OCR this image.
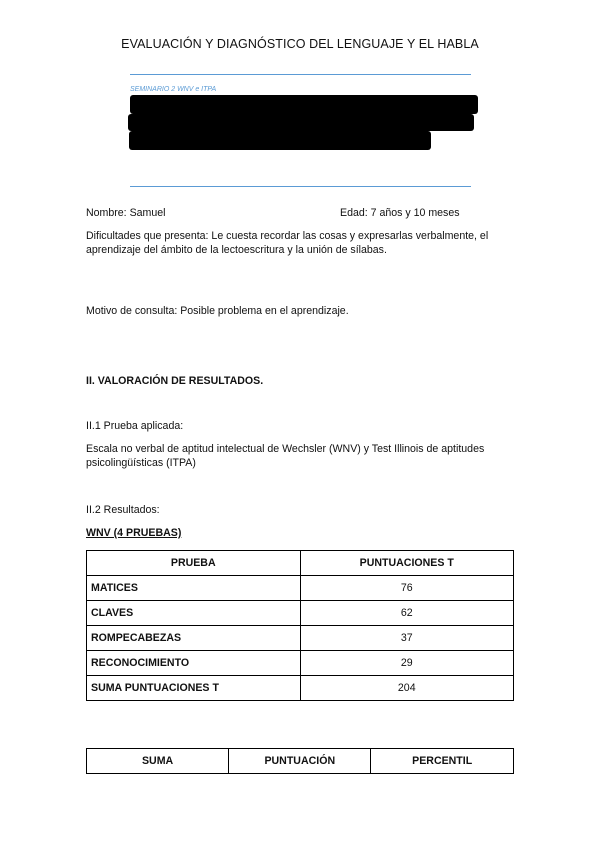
EVALUACIÓN Y DIAGNÓSTICO DEL LENGUAJE Y EL HABLA
SEMINARIO 2 WNV e ITPA
Nombre: Samuel	Edad: 7 años y 10 meses
Dificultades que presenta: Le cuesta recordar las cosas y expresarlas verbalmente, el aprendizaje del ámbito de la lectoescritura y la unión de sílabas.
Motivo de consulta: Posible problema en el aprendizaje.
II. VALORACIÓN DE RESULTADOS.
II.1 Prueba aplicada:
Escala no verbal de aptitud intelectual de Wechsler (WNV) y Test Illinois de aptitudes psicolingüísticas (ITPA)
II.2 Resultados:
WNV (4 PRUEBAS)
PRUEBA	PUNTUACIONES T
MATICES	76
CLAVES	62
ROMPECABEZAS	37
RECONOCIMIENTO	29
SUMA PUNTUACIONES T	204
SUMA	PUNTUACIÓN	PERCENTIL
